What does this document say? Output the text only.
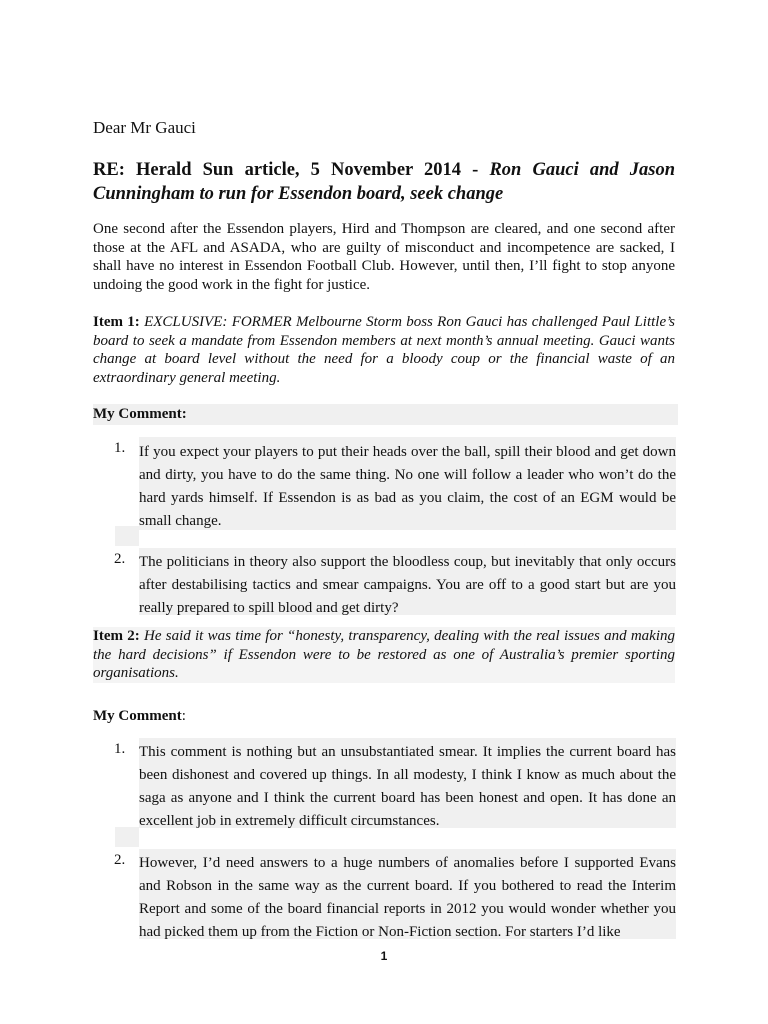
Dear Mr Gauci
RE: Herald Sun article, 5 November 2014 - Ron Gauci and Jason Cunningham to run for Essendon board, seek change
One second after the Essendon players, Hird and Thompson are cleared, and one second after those at the AFL and ASADA, who are guilty of misconduct and incompetence are sacked, I shall have no interest in Essendon Football Club. However, until then, I’ll fight to stop anyone undoing the good work in the fight for justice.
Item 1: EXCLUSIVE: FORMER Melbourne Storm boss Ron Gauci has challenged Paul Little’s board to seek a mandate from Essendon members at next month’s annual meeting. Gauci wants change at board level without the need for a bloody coup or the financial waste of an extraordinary general meeting.
My Comment:
1. If you expect your players to put their heads over the ball, spill their blood and get down and dirty, you have to do the same thing. No one will follow a leader who won’t do the hard yards himself. If Essendon is as bad as you claim, the cost of an EGM would be small change.
2. The politicians in theory also support the bloodless coup, but inevitably that only occurs after destabilising tactics and smear campaigns. You are off to a good start but are you really prepared to spill blood and get dirty?
Item 2: He said it was time for “honesty, transparency, dealing with the real issues and making the hard decisions” if Essendon were to be restored as one of Australia’s premier sporting organisations.
My Comment:
1. This comment is nothing but an unsubstantiated smear. It implies the current board has been dishonest and covered up things. In all modesty, I think I know as much about the saga as anyone and I think the current board has been honest and open. It has done an excellent job in extremely difficult circumstances.
2. However, I’d need answers to a huge numbers of anomalies before I supported Evans and Robson in the same way as the current board. If you bothered to read the Interim Report and some of the board financial reports in 2012 you would wonder whether you had picked them up from the Fiction or Non-Fiction section. For starters I’d like
1
